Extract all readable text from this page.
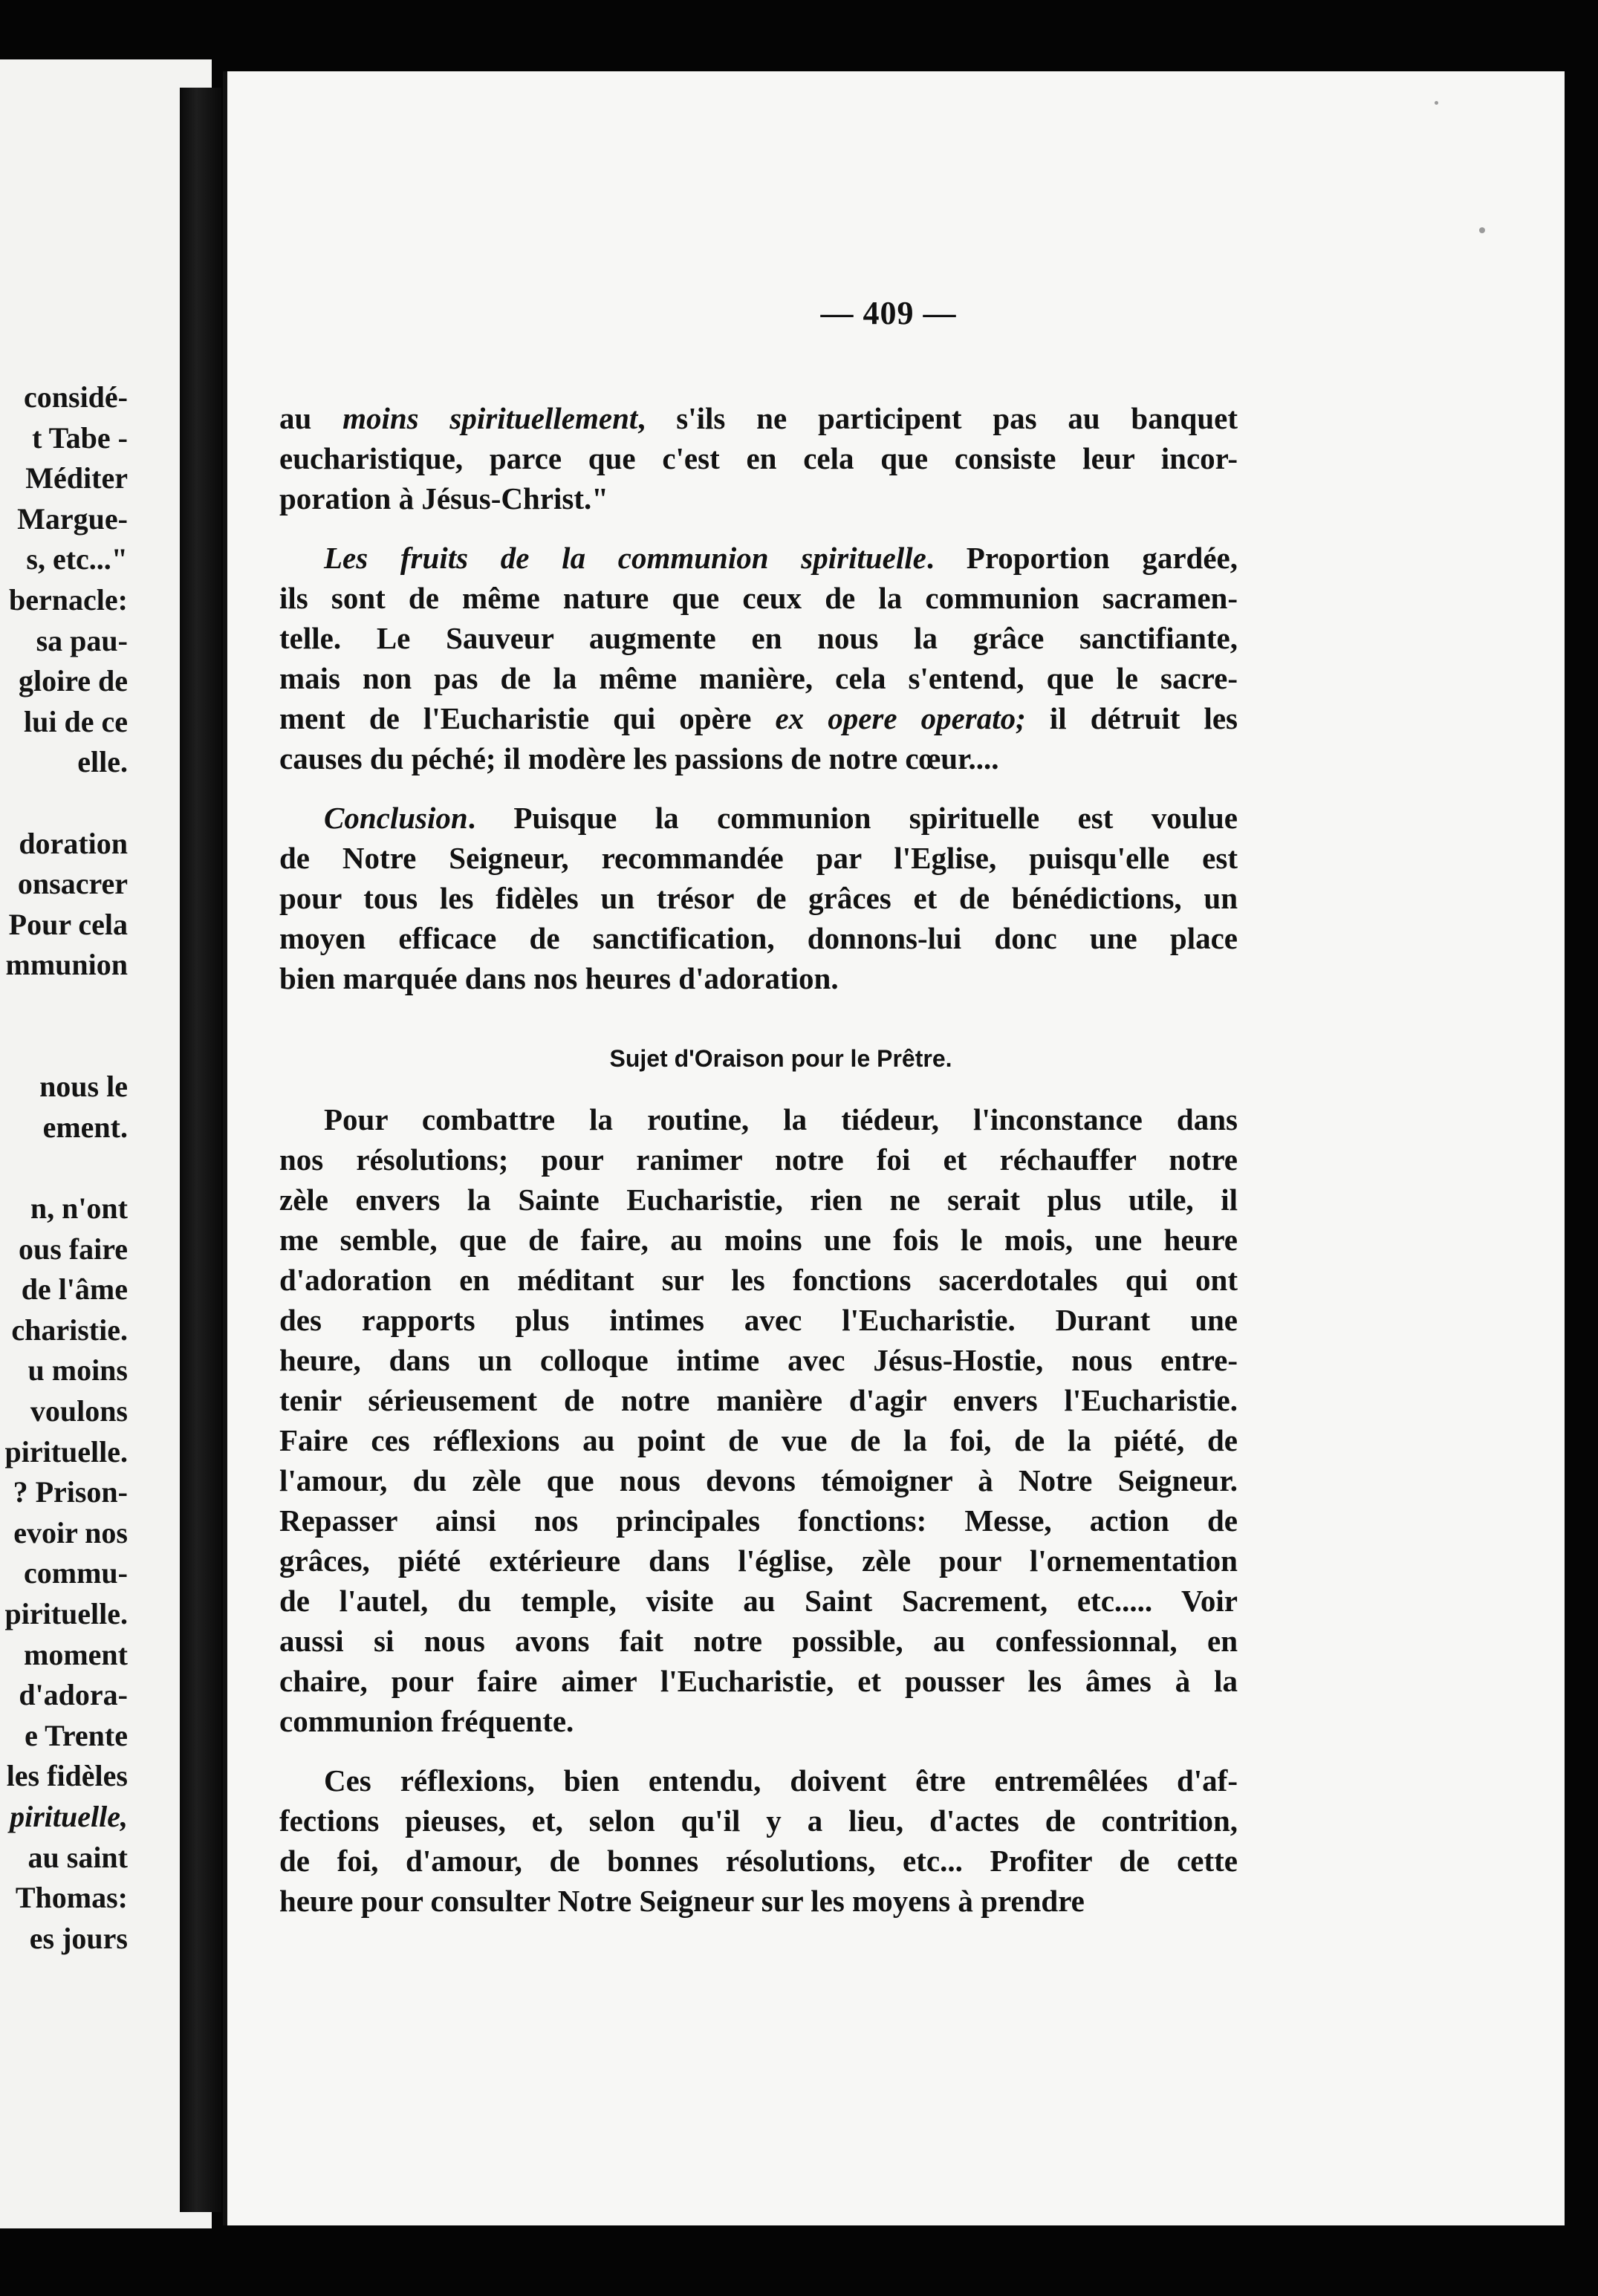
considé-
t Tabe -
Méditer
Margue-
s, etc..."
bernacle:
sa pau-
gloire de
lui de ce
elle.
doration
onsacrer
Pour cela
mmunion
nous le
ement.
n, n'ont
ous faire
de l'âme
charistie.
u moins
voulons
pirituelle.
? Prison-
evoir nos
commu-
pirituelle.
moment
d'adora-
e Trente
les fidèles
pirituelle,
au saint
Thomas:
es jours
— 409 —
au moins spirituellement, s'ils ne participent pas au banquet
eucharistique, parce que c'est en cela que consiste leur incor-
poration à Jésus-Christ."
Les fruits de la communion spirituelle. Proportion gardée,
ils sont de même nature que ceux de la communion sacramen-
telle. Le Sauveur augmente en nous la grâce sanctifiante,
mais non pas de la même manière, cela s'entend, que le sacre-
ment de l'Eucharistie qui opère ex opere operato; il détruit les
causes du péché; il modère les passions de notre cœur....
Conclusion. Puisque la communion spirituelle est voulue
de Notre Seigneur, recommandée par l'Eglise, puisqu'elle est
pour tous les fidèles un trésor de grâces et de bénédictions, un
moyen efficace de sanctification, donnons-lui donc une place
bien marquée dans nos heures d'adoration.
Sujet d'Oraison pour le Prêtre.
Pour combattre la routine, la tiédeur, l'inconstance dans
nos résolutions; pour ranimer notre foi et réchauffer notre
zèle envers la Sainte Eucharistie, rien ne serait plus utile, il
me semble, que de faire, au moins une fois le mois, une heure
d'adoration en méditant sur les fonctions sacerdotales qui ont
des rapports plus intimes avec l'Eucharistie. Durant une
heure, dans un colloque intime avec Jésus-Hostie, nous entre-
tenir sérieusement de notre manière d'agir envers l'Eucharistie.
Faire ces réflexions au point de vue de la foi, de la piété, de
l'amour, du zèle que nous devons témoigner à Notre Seigneur.
Repasser ainsi nos principales fonctions: Messe, action de
grâces, piété extérieure dans l'église, zèle pour l'ornementation
de l'autel, du temple, visite au Saint Sacrement, etc..... Voir
aussi si nous avons fait notre possible, au confessionnal, en
chaire, pour faire aimer l'Eucharistie, et pousser les âmes à la
communion fréquente.
Ces réflexions, bien entendu, doivent être entremêlées d'af-
fections pieuses, et, selon qu'il y a lieu, d'actes de contrition,
de foi, d'amour, de bonnes résolutions, etc... Profiter de cette
heure pour consulter Notre Seigneur sur les moyens à prendre
